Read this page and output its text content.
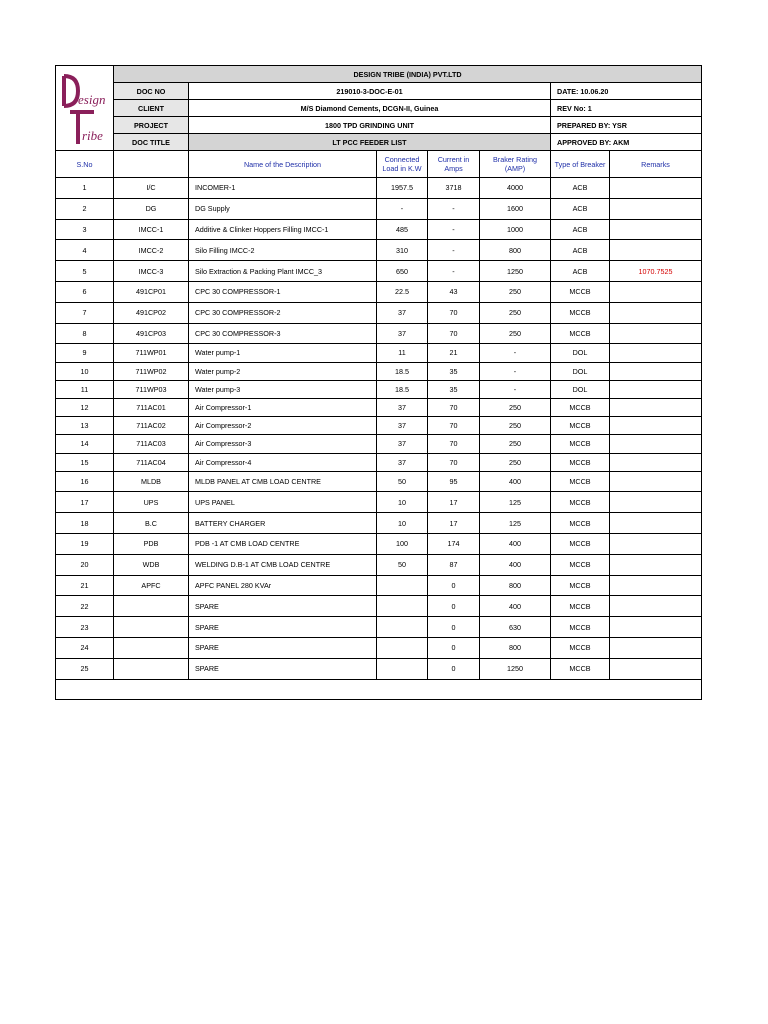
esign
ribe	DESIGN TRIBE (INDIA) PVT.LTD						
	DOC NO	219010-3-DOC-E-01				DATE: 10.06.20	
	CLIENT	M/S Diamond Cements, DCGN-II, Guinea				REV No: 1	
	PROJECT	1800 TPD GRINDING UNIT				PREPARED BY: YSR	
	DOC TITLE	LT PCC FEEDER LIST				APPROVED BY: AKM	
S.No		Name of the Description	Connected Load in K.W	Current in Amps	Braker Rating (AMP)	Type of Breaker	Remarks
1	I/C	INCOMER-1	1957.5	3718	4000	ACB	
2	DG	DG Supply	-	-	1600	ACB	
3	IMCC-1	Additive & Clinker Hoppers Filling IMCC-1	485	-	1000	ACB	
4	IMCC-2	Silo Filling IMCC-2	310	-	800	ACB	
5	IMCC-3	Silo Extraction & Packing Plant IMCC_3	650	-	1250	ACB	1070.7525
6	491CP01	CPC 30 COMPRESSOR-1	22.5	43	250	MCCB	
7	491CP02	CPC 30 COMPRESSOR-2	37	70	250	MCCB	
8	491CP03	CPC 30 COMPRESSOR-3	37	70	250	MCCB	
9	711WP01	Water pump-1	11	21	-	DOL	
10	711WP02	Water pump-2	18.5	35	-	DOL	
11	711WP03	Water pump-3	18.5	35	-	DOL	
12	711AC01	Air Compressor-1	37	70	250	MCCB	
13	711AC02	Air Compressor-2	37	70	250	MCCB	
14	711AC03	Air Compressor-3	37	70	250	MCCB	
15	711AC04	Air Compressor-4	37	70	250	MCCB	
16	MLDB	MLDB PANEL AT CMB LOAD CENTRE	50	95	400	MCCB	
17	UPS	UPS PANEL	10	17	125	MCCB	
18	B.C	BATTERY CHARGER	10	17	125	MCCB	
19	PDB	PDB -1 AT CMB LOAD CENTRE	100	174	400	MCCB	
20	WDB	WELDING D.B-1 AT CMB LOAD CENTRE	50	87	400	MCCB	
21	APFC	APFC PANEL 280 KVAr		0	800	MCCB	
22		SPARE		0	400	MCCB	
23		SPARE		0	630	MCCB	
24		SPARE		0	800	MCCB	
25		SPARE		0	1250	MCCB	
